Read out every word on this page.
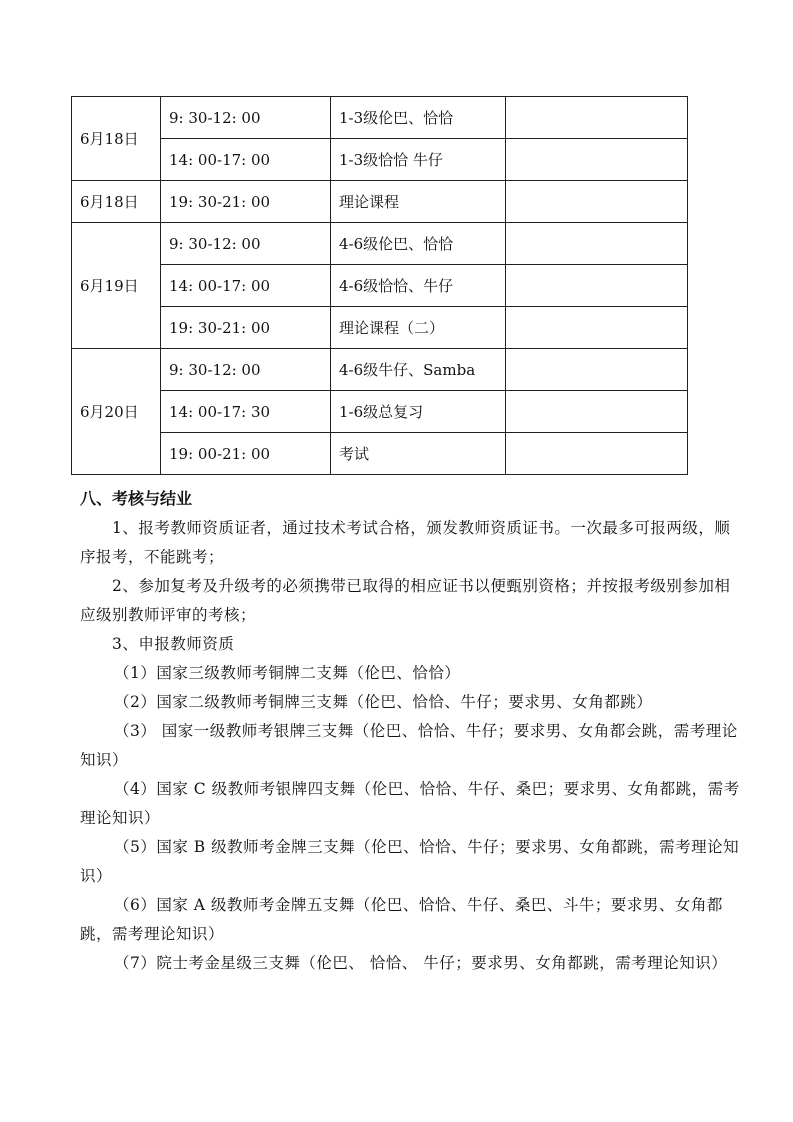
6月18日	9: 30-12: 00	1-3级伦巴、恰恰	
	14: 00-17: 00	1-3级恰恰 牛仔	
6月18日	19: 30-21: 00	理论课程	
6月19日	9: 30-12: 00	4-6级伦巴、恰恰	
	14: 00-17: 00	4-6级恰恰、牛仔	
	19: 30-21: 00	理论课程（二）	
6月20日	9: 30-12: 00	4-6级牛仔、Samba	
	14: 00-17: 30	1-6级总复习	
	19: 00-21: 00	考试	
八、考核与结业
1、报考教师资质证者，通过技术考试合格，颁发教师资质证书。一次最多可报两级，顺序报考，不能跳考；
2、参加复考及升级考的必须携带已取得的相应证书以便甄别资格；并按报考级别参加相应级别教师评审的考核；
3、申报教师资质
（1）国家三级教师考铜牌二支舞（伦巴、恰恰）
（2）国家二级教师考铜牌三支舞（伦巴、恰恰、牛仔；要求男、女角都跳）
（3） 国家一级教师考银牌三支舞（伦巴、恰恰、牛仔；要求男、女角都会跳，需考理论知识）
（4）国家 C 级教师考银牌四支舞（伦巴、恰恰、牛仔、桑巴；要求男、女角都跳，需考理论知识）
（5）国家 B 级教师考金牌三支舞（伦巴、恰恰、牛仔；要求男、女角都跳，需考理论知识）
（6）国家 A 级教师考金牌五支舞（伦巴、恰恰、牛仔、桑巴、斗牛；要求男、女角都跳，需考理论知识）
（7）院士考金星级三支舞（伦巴、 恰恰、 牛仔；要求男、女角都跳，需考理论知识）
